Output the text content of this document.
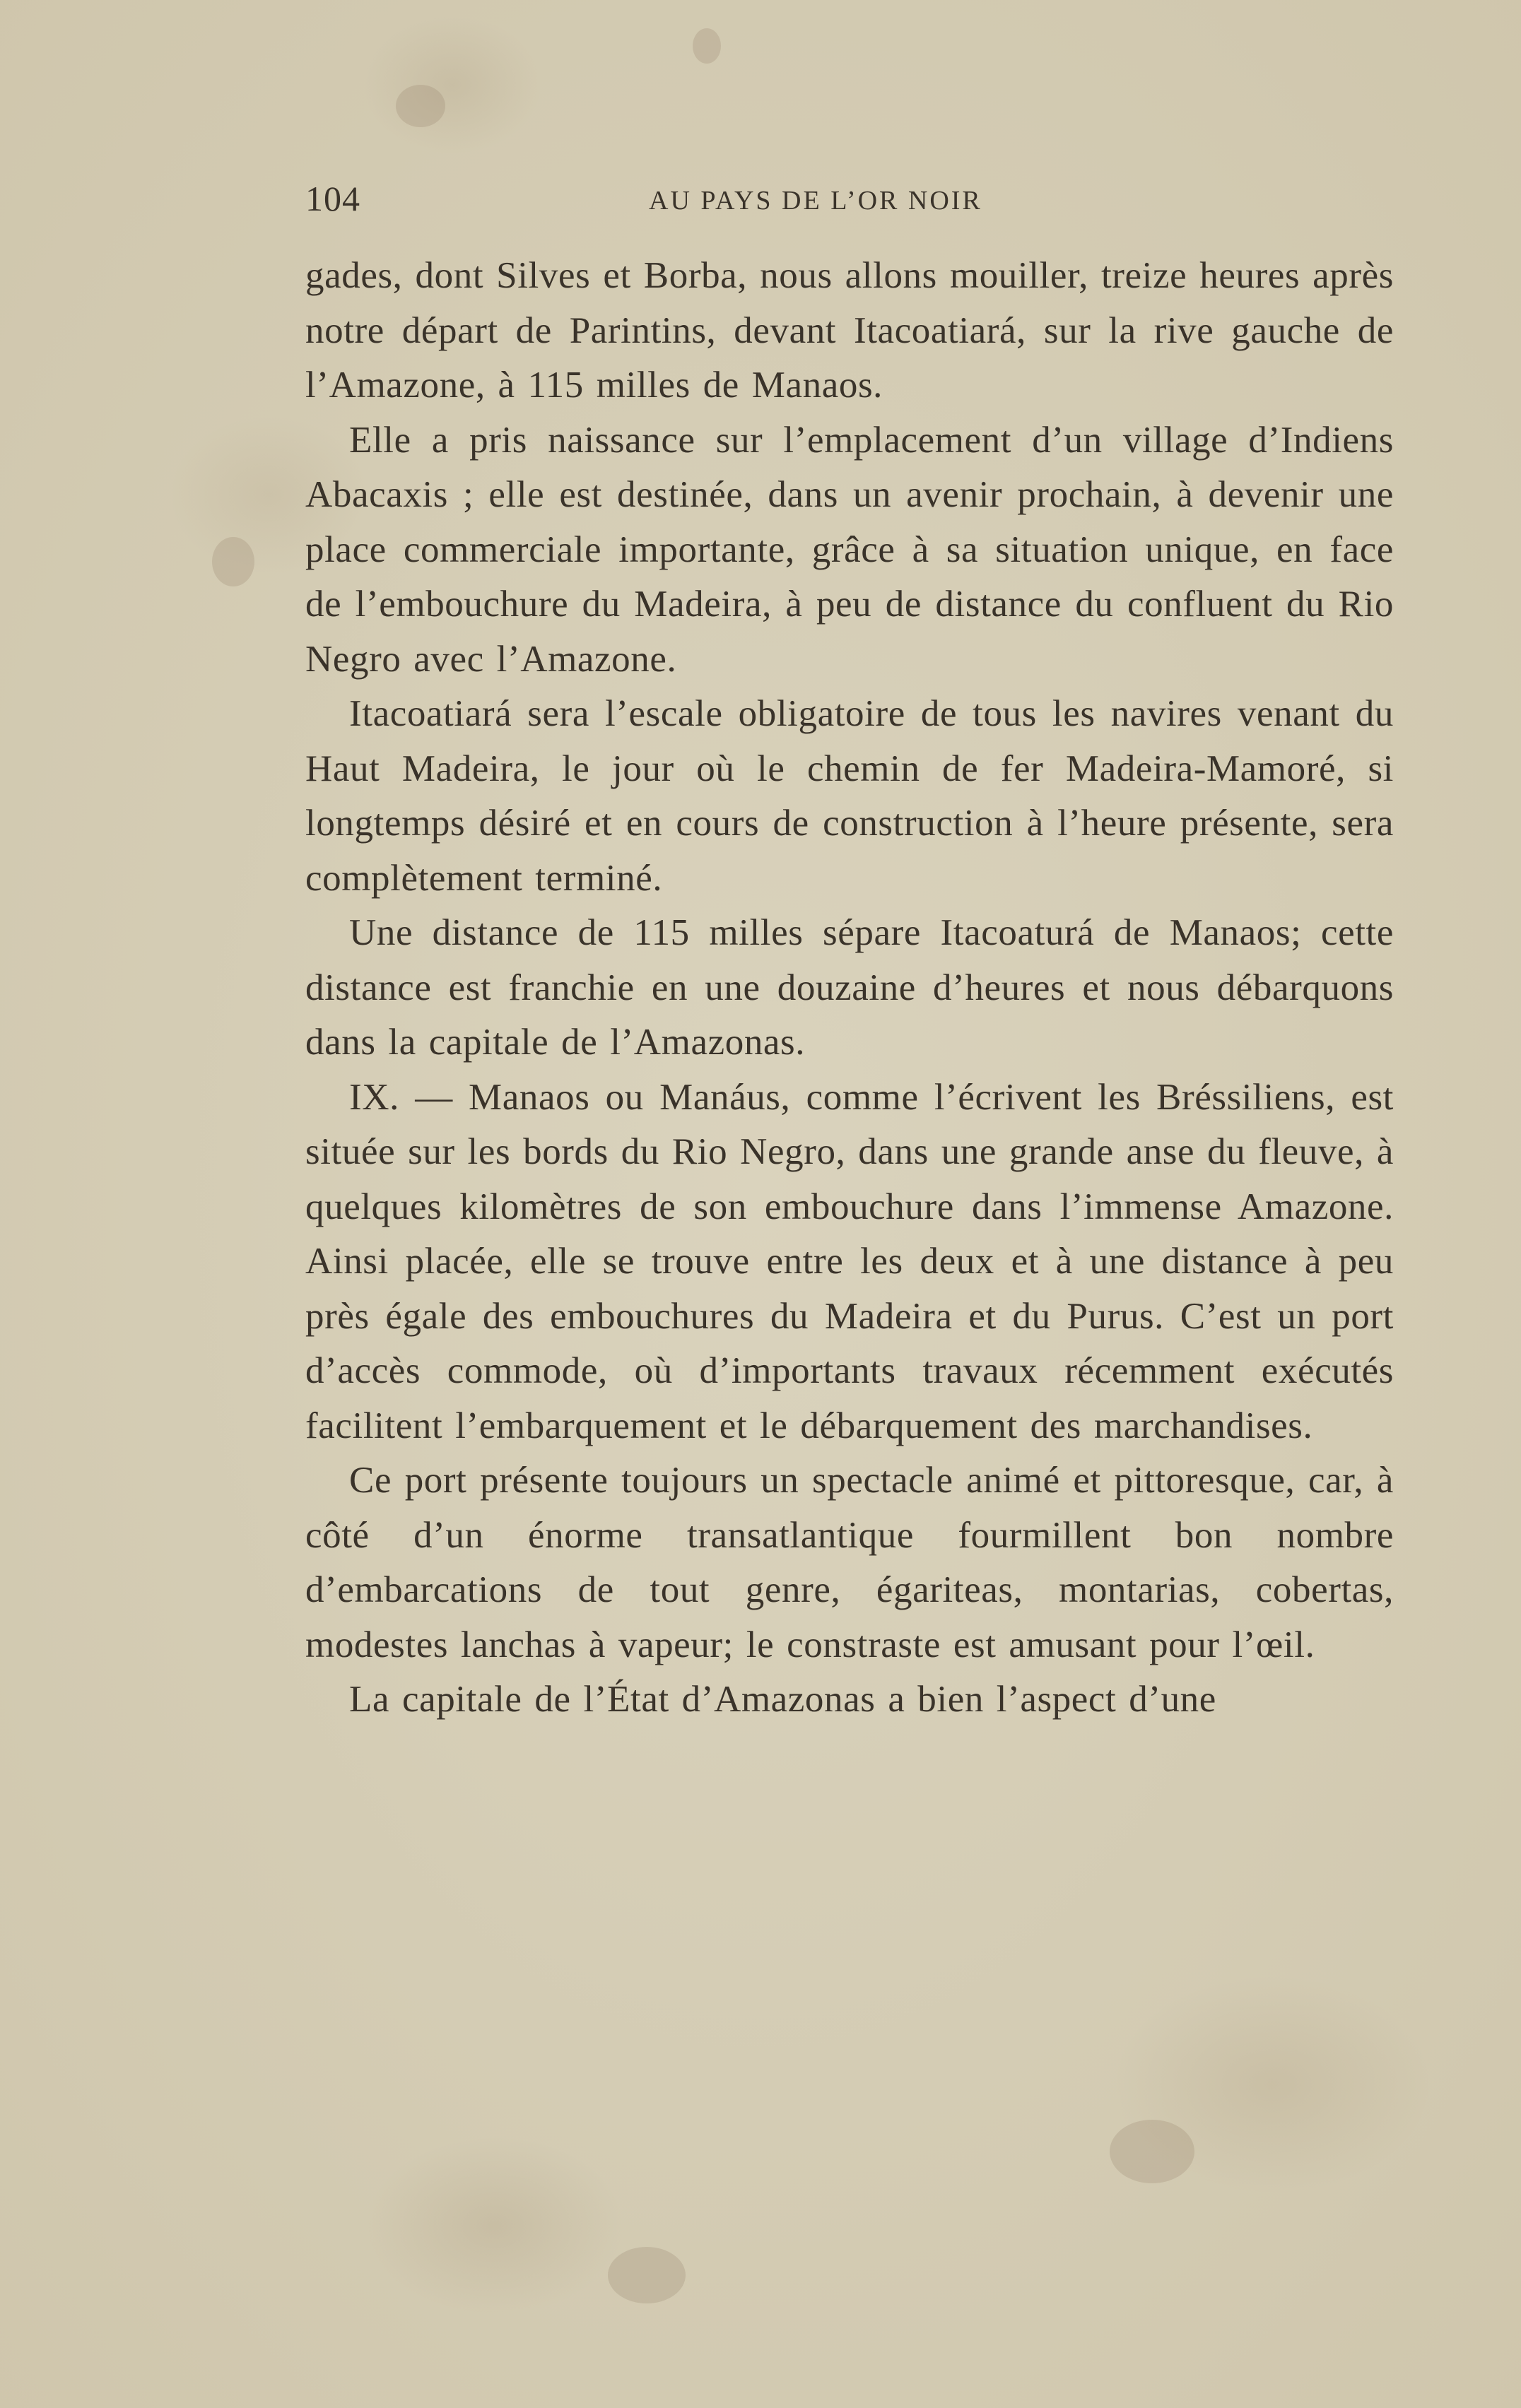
104	AU PAYS DE L’OR NOIR

gades, dont Silves et Borba, nous allons mouiller, treize heures après notre départ de Parintins, devant Itacoatiará, sur la rive gauche de l’Amazone, à 115 milles de Manaos.

Elle a pris naissance sur l’emplacement d’un village d’Indiens Abacaxis ; elle est destinée, dans un avenir prochain, à devenir une place commerciale importante, grâce à sa situation unique, en face de l’embouchure du Madeira, à peu de distance du confluent du Rio Negro avec l’Amazone.

Itacoatiará sera l’escale obligatoire de tous les navires venant du Haut Madeira, le jour où le chemin de fer Madeira-Mamoré, si longtemps désiré et en cours de construction à l’heure présente, sera complètement terminé.

Une distance de 115 milles sépare Itacoaturá de Manaos; cette distance est franchie en une douzaine d’heures et nous débarquons dans la capitale de l’Amazonas.

IX. — Manaos ou Manáus, comme l’écrivent les Bréssiliens, est située sur les bords du Rio Negro, dans une grande anse du fleuve, à quelques kilomètres de son embouchure dans l’immense Amazone. Ainsi placée, elle se trouve entre les deux et à une distance à peu près égale des embouchures du Madeira et du Purus. C’est un port d’accès commode, où d’importants travaux récemment exécutés facilitent l’embarquement et le débarquement des marchandises.

Ce port présente toujours un spectacle animé et pittoresque, car, à côté d’un énorme transatlantique fourmillent bon nombre d’embarcations de tout genre, égariteas, montarias, cobertas, modestes lanchas à vapeur; le constraste est amusant pour l’œil.

La capitale de l’État d’Amazonas a bien l’aspect d’une
